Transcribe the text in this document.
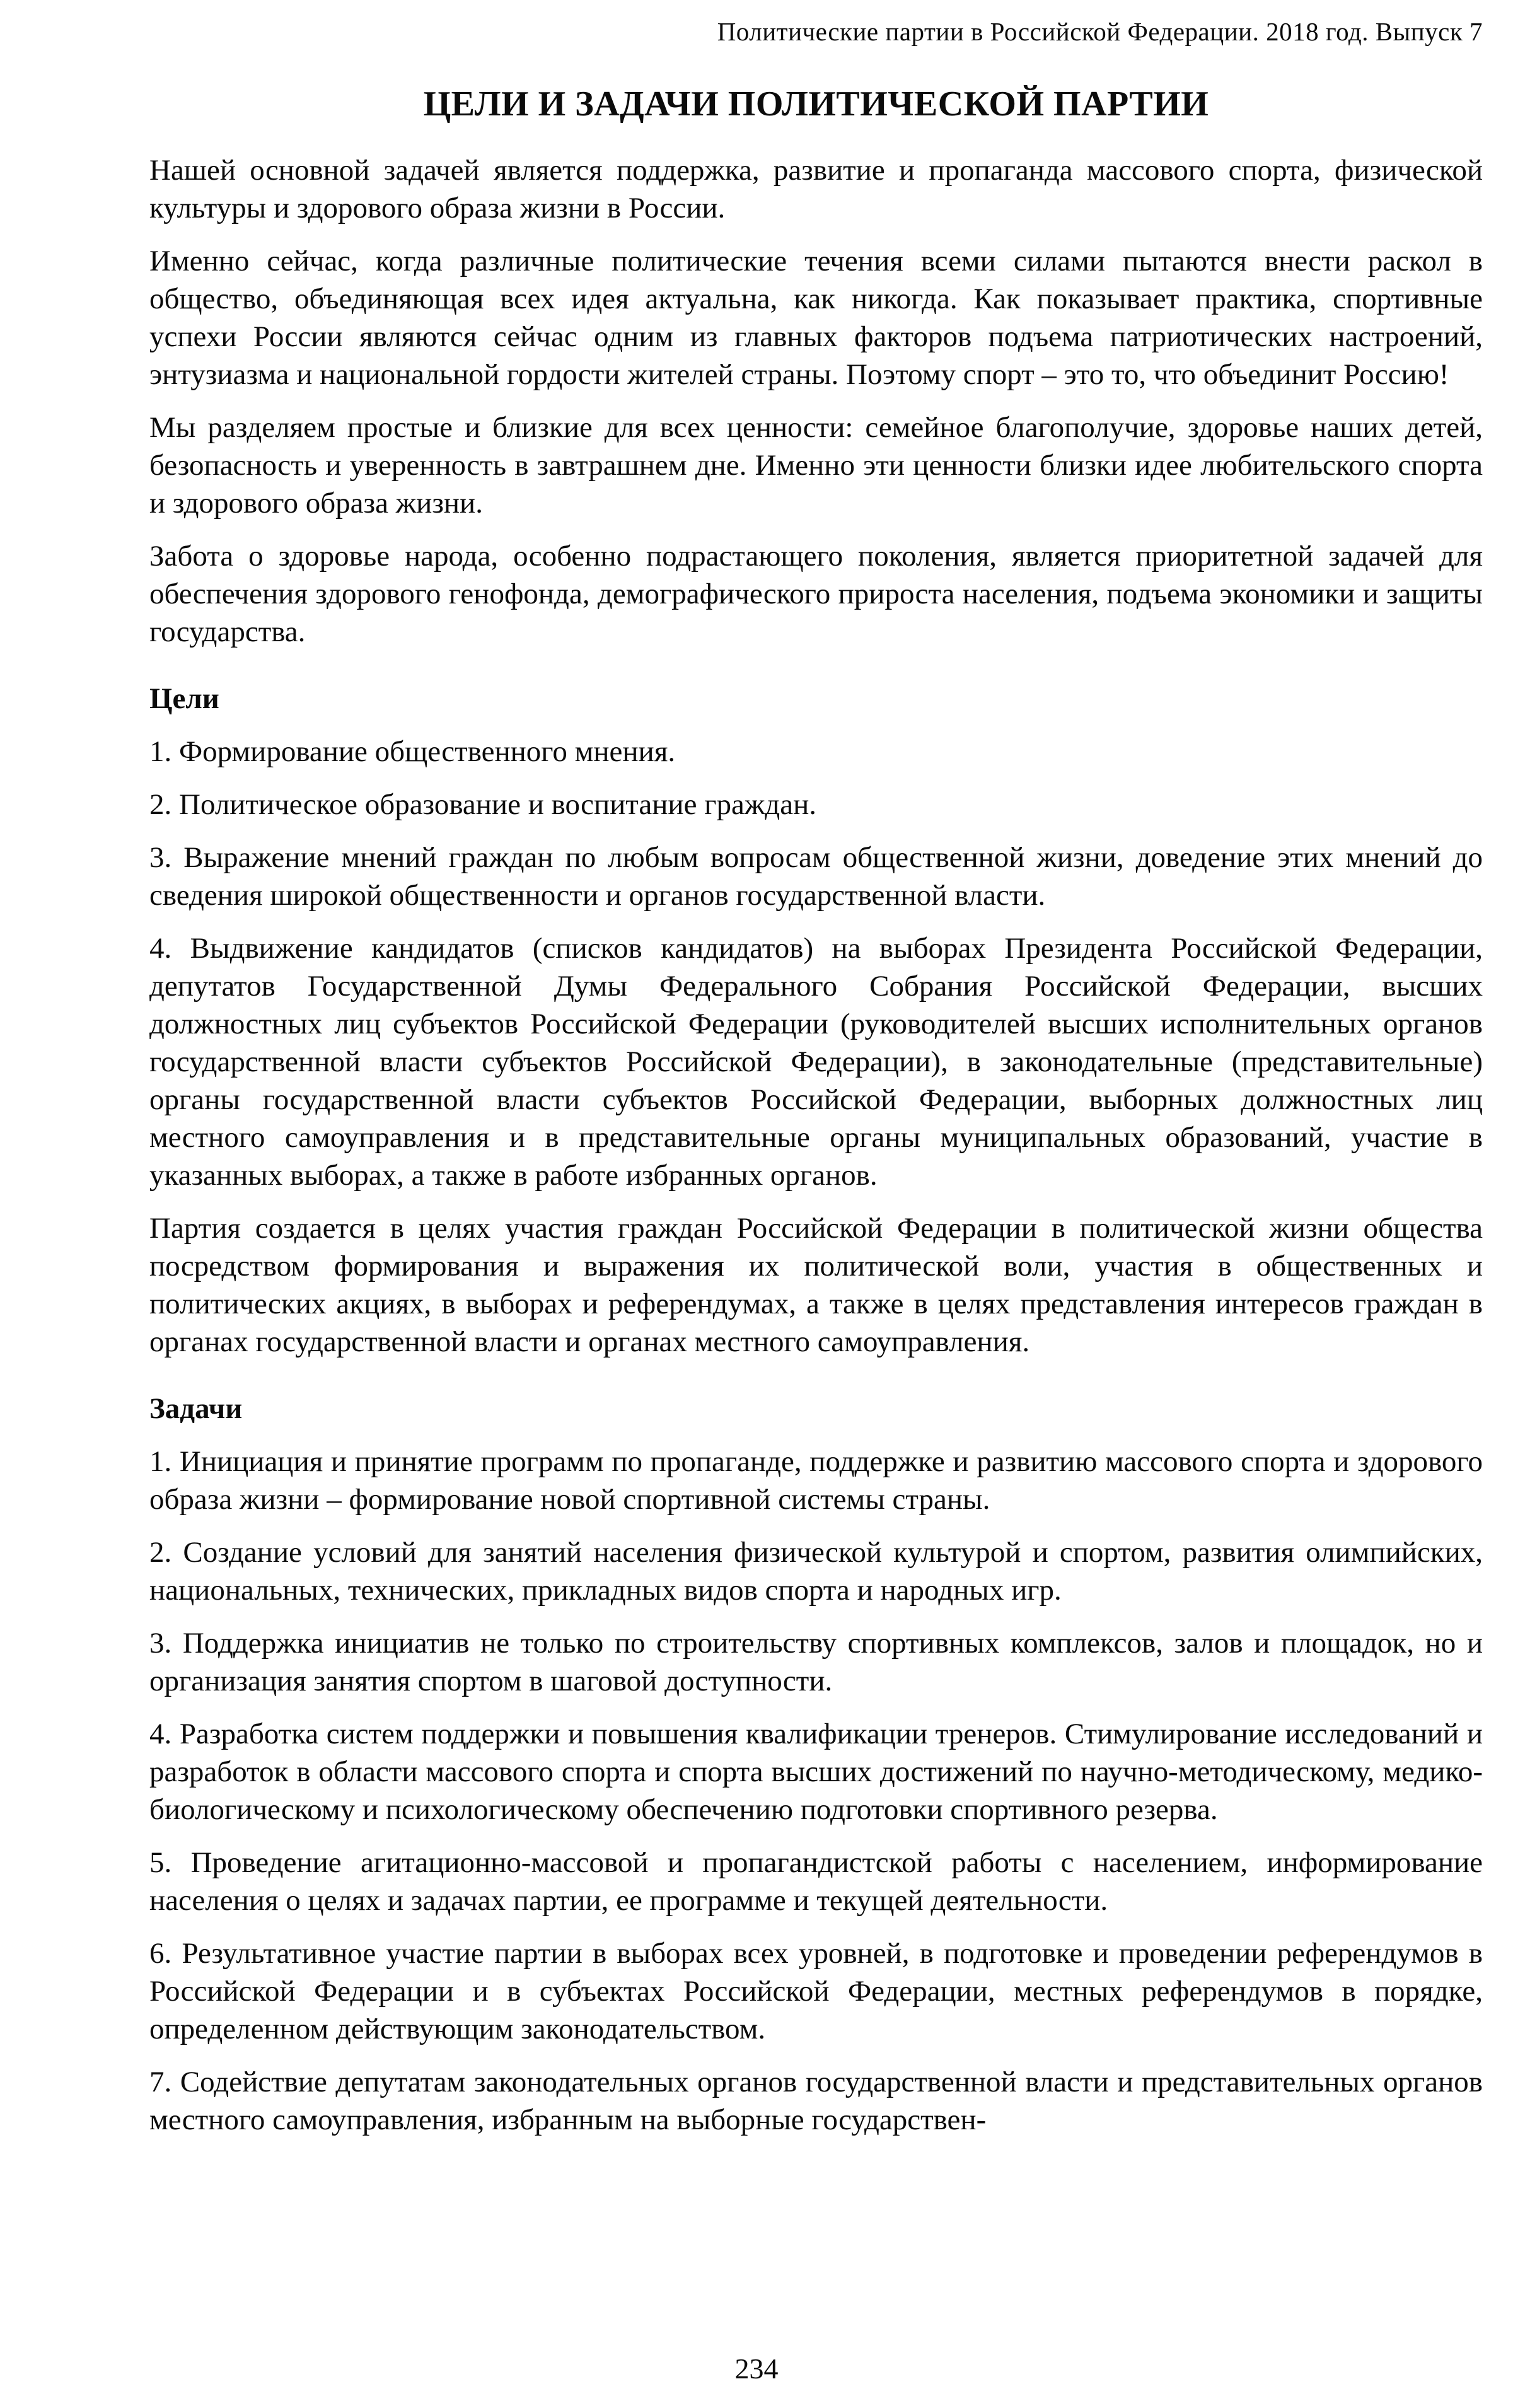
Политические партии в Российской Федерации. 2018 год. Выпуск 7
ЦЕЛИ И ЗАДАЧИ ПОЛИТИЧЕСКОЙ ПАРТИИ

Нашей основной задачей является поддержка, развитие и пропаганда массового спорта, физической культуры и здорового образа жизни в России.

Именно сейчас, когда различные политические течения всеми силами пытаются внести раскол в общество, объединяющая всех идея актуальна, как никогда. Как показывает практика, спортивные успехи России являются сейчас одним из главных факторов подъема патриотических настроений, энтузиазма и национальной гордости жителей страны. Поэтому спорт – это то, что объединит Россию!

Мы разделяем простые и близкие для всех ценности: семейное благополучие, здоровье наших детей, безопасность и уверенность в завтрашнем дне. Именно эти ценности близки идее любительского спорта и здорового образа жизни.

Забота о здоровье народа, особенно подрастающего поколения, является приоритетной задачей для обеспечения здорового генофонда, демографического прироста населения, подъема экономики и защиты государства.

Цели

1. Формирование общественного мнения.

2. Политическое образование и воспитание граждан.

3. Выражение мнений граждан по любым вопросам общественной жизни, доведение этих мнений до сведения широкой общественности и органов государственной власти.

4. Выдвижение кандидатов (списков кандидатов) на выборах Президента Российской Федерации, депутатов Государственной Думы Федерального Собрания Российской Федерации, высших должностных лиц субъектов Российской Федерации (руководителей высших исполнительных органов государственной власти субъектов Российской Федерации), в законодательные (представительные) органы государственной власти субъектов Российской Федерации, выборных должностных лиц местного самоуправления и в представительные органы муниципальных образований, участие в указанных выборах, а также в работе избранных органов.

Партия создается в целях участия граждан Российской Федерации в политической жизни общества посредством формирования и выражения их политической воли, участия в общественных и политических акциях, в выборах и референдумах, а также в целях представления интересов граждан в органах государственной власти и органах местного самоуправления.

Задачи

1. Инициация и принятие программ по пропаганде, поддержке и развитию массового спорта и здорового образа жизни – формирование новой спортивной системы страны.

2. Создание условий для занятий населения физической культурой и спортом, развития олимпийских, национальных, технических, прикладных видов спорта и народных игр.

3. Поддержка инициатив не только по строительству спортивных комплексов, залов и площадок, но и организация занятия спортом в шаговой доступности.

4. Разработка систем поддержки и повышения квалификации тренеров. Стимулирование исследований и разработок в области массового спорта и спорта высших достижений по научно-методическому, медико-биологическому и психологическому обеспечению подготовки спортивного резерва.

5. Проведение агитационно-массовой и пропагандистской работы с населением, информирование населения о целях и задачах партии, ее программе и текущей деятельности.

6. Результативное участие партии в выборах всех уровней, в подготовке и проведении референдумов в Российской Федерации и в субъектах Российской Федерации, местных референдумов в порядке, определенном действующим законодательством.

7. Содействие депутатам законодательных органов государственной власти и представительных органов местного самоуправления, избранным на выборные государствен-

234
